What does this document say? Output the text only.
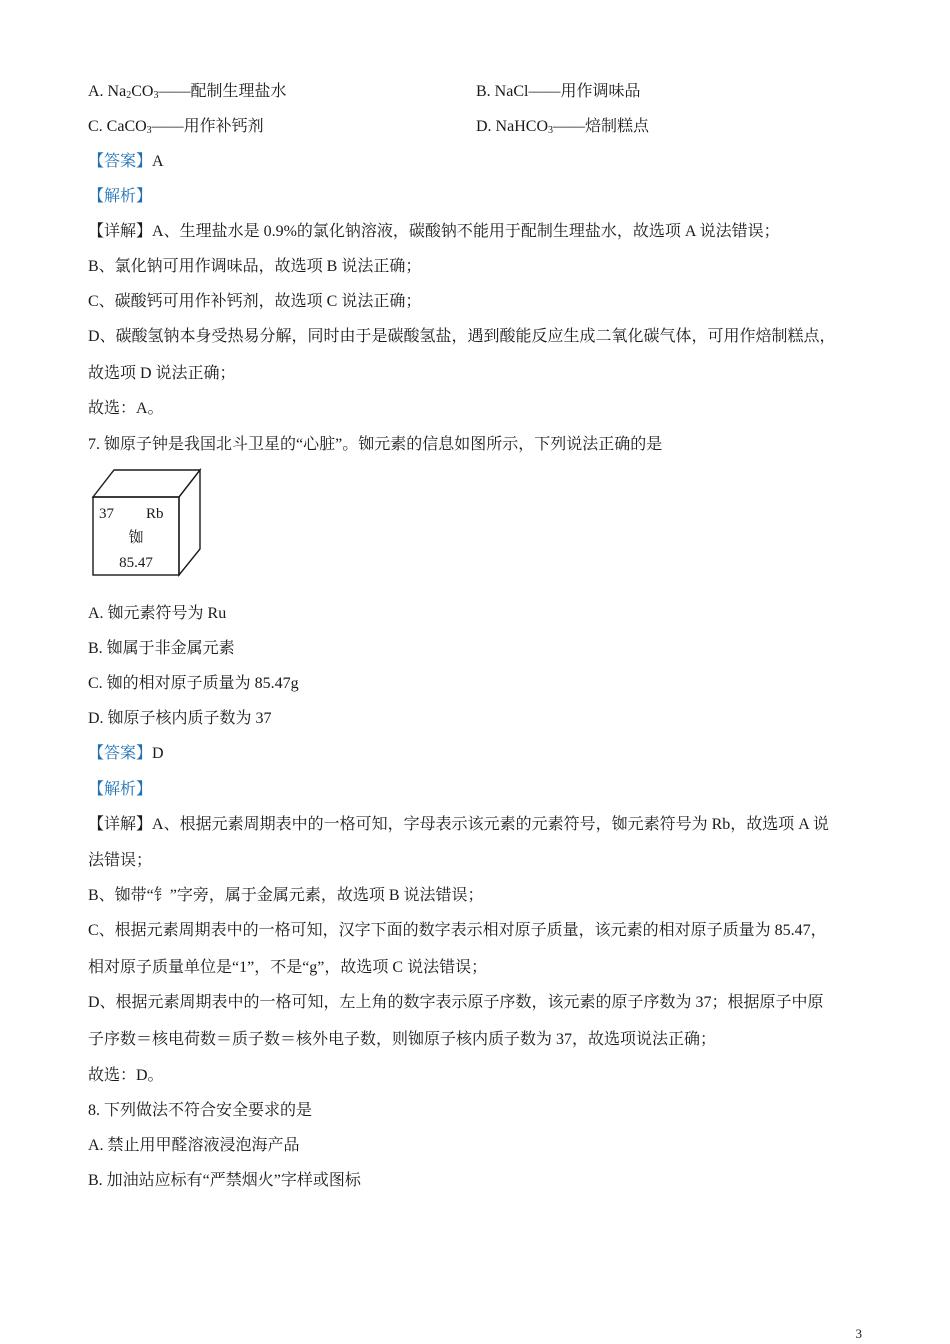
A. $Na_2CO_3——$配制生理盐水	B. NaCl——用作调味品
C. CaCO$_3$——用作补钙剂	D. NaHCO$_3$——焙制糕点
【答案】A
【解析】
【详解】A、生理盐水是 0.9%的氯化钠溶液，碳酸钠不能用于配制生理盐水，故选项 A 说法错误；
B、氯化钠可用作调味品，故选项 B 说法正确；
C、碳酸钙可用作补钙剂，故选项 C 说法正确；
D、碳酸氢钠本身受热易分解，同时由于是碳酸氢盐，遇到酸能反应生成二氧化碳气体，可用作焙制糕点，
故选项 D 说法正确；
故选：A。
7. 铷原子钟是我国北斗卫星的“心脏”。铷元素的信息如图所示，下列说法正确的是
37 Rb
铷
85.47
A. 铷元素符号为 Ru
B. 铷属于非金属元素
C. 铷的相对原子质量为 85.47g
D. 铷原子核内质子数为 37
【答案】D
【解析】
【详解】A、根据元素周期表中的一格可知，字母表示该元素的元素符号，铷元素符号为 Rb，故选项 A 说
法错误；
B、铷带“钅”字旁，属于金属元素，故选项 B 说法错误；
C、根据元素周期表中的一格可知，汉字下面的数字表示相对原子质量，该元素的相对原子质量为 85.47，
相对原子质量单位是“1”，不是“g”，故选项 C 说法错误；
D、根据元素周期表中的一格可知，左上角的数字表示原子序数，该元素的原子序数为 37；根据原子中原
子序数＝核电荷数＝质子数＝核外电子数，则铷原子核内质子数为 37，故选项说法正确；
故选：D。
8. 下列做法不符合安全要求的是
A. 禁止用甲醛溶液浸泡海产品
B. 加油站应标有“严禁烟火”字样或图标
3
